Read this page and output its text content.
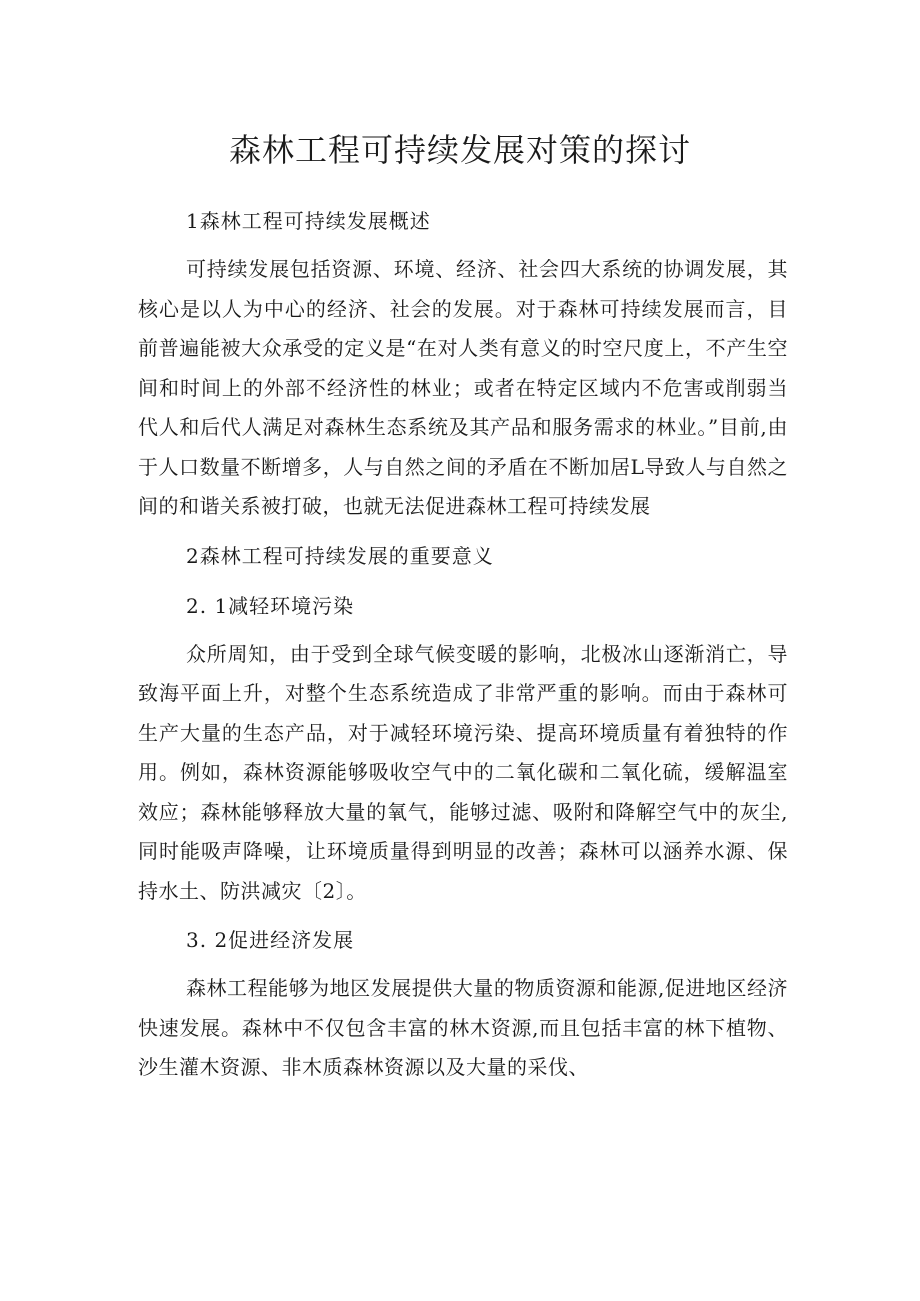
森林工程可持续发展对策的探讨
1森林工程可持续发展概述

可持续发展包括资源、环境、经济、社会四大系统的协调发展，其核心是以人为中心的经济、社会的发展。对于森林可持续发展而言，目前普遍能被大众承受的定义是“在对人类有意义的时空尺度上，不产生空间和时间上的外部不经济性的林业；或者在特定区域内不危害或削弱当代人和后代人满足对森林生态系统及其产品和服务需求的林业。”目前,由于人口数量不断增多，人与自然之间的矛盾在不断加居L导致人与自然之间的和谐关系被打破，也就无法促进森林工程可持续发展

2森林工程可持续发展的重要意义
2. 1减轻环境污染

众所周知，由于受到全球气候变暖的影响，北极冰山逐渐消亡，导致海平面上升，对整个生态系统造成了非常严重的影响。而由于森林可生产大量的生态产品，对于减轻环境污染、提高环境质量有着独特的作用。例如，森林资源能够吸收空气中的二氧化碳和二氧化硫，缓解温室效应；森林能够释放大量的氧气，能够过滤、吸附和降解空气中的灰尘,同时能吸声降噪，让环境质量得到明显的改善；森林可以涵养水源、保持水土、防洪减灾〔2〕。

3. 2促进经济发展

森林工程能够为地区发展提供大量的物质资源和能源,促进地区经济快速发展。森林中不仅包含丰富的林木资源,而且包括丰富的林下植物、沙生灌木资源、非木质森林资源以及大量的采伐、
